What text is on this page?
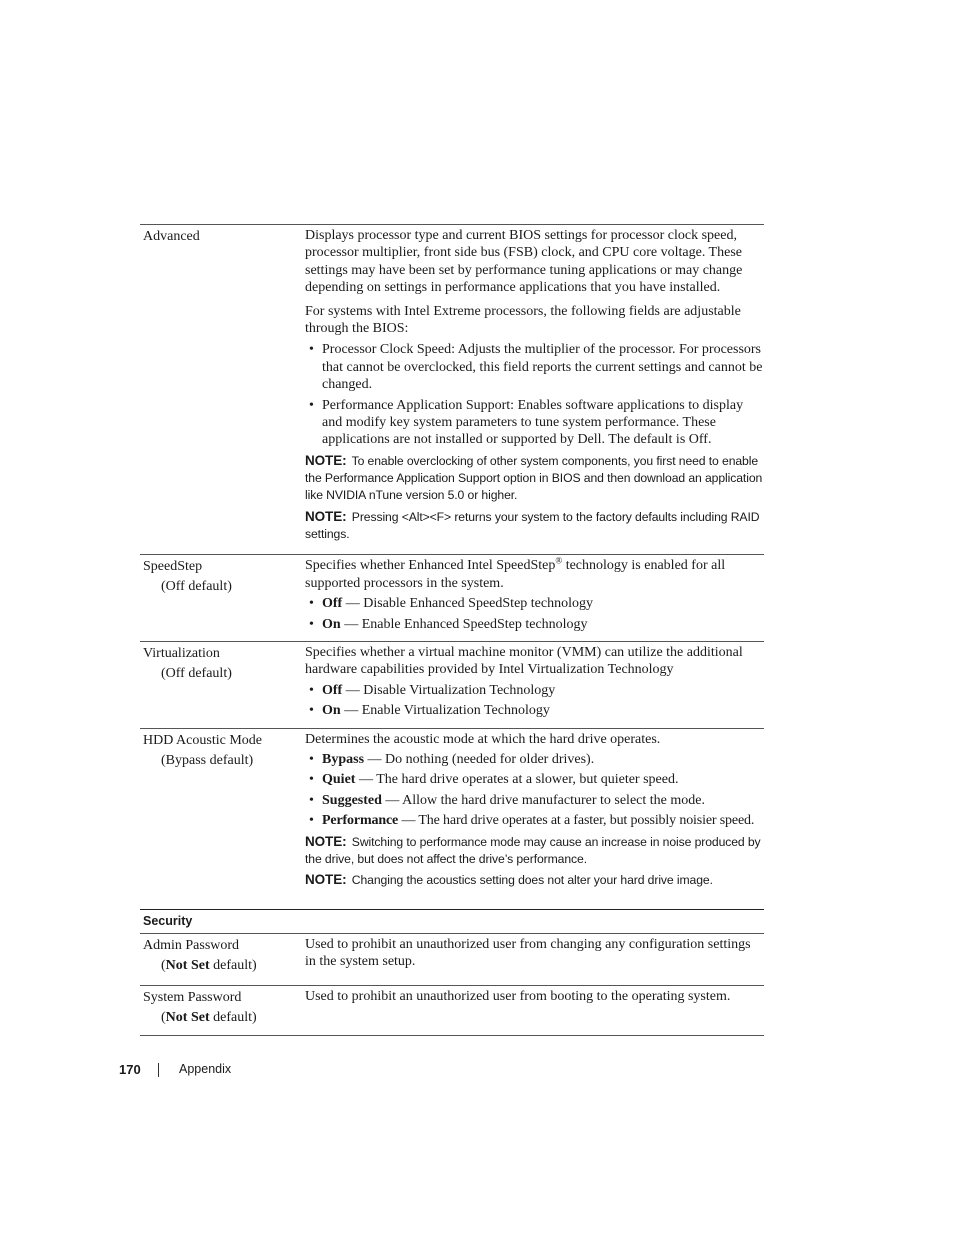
Advanced	Displays processor type and current BIOS settings for processor clock speed, processor multiplier, front side bus (FSB) clock, and CPU core voltage. These settings may have been set by performance tuning applications or may change depending on settings in performance applications that you have installed.

For systems with Intel Extreme processors, the following fields are adjustable through the BIOS:

• Processor Clock Speed: Adjusts the multiplier of the processor. For processors that cannot be overclocked, this field reports the current settings and cannot be changed.
• Performance Application Support: Enables software applications to display and modify key system parameters to tune system performance. These applications are not installed or supported by Dell. The default is Off.
NOTE: To enable overclocking of other system components, you first need to enable the Performance Application Support option in BIOS and then download an application like NVIDIA nTune version 5.0 or higher.
NOTE: Pressing <Alt><F> returns your system to the factory defaults including RAID settings.
SpeedStep
(Off default)

Specifies whether Enhanced Intel SpeedStep® technology is enabled for all supported processors in the system.

• Off — Disable Enhanced SpeedStep technology
• On — Enable Enhanced SpeedStep technology
Virtualization
(Off default)

Specifies whether a virtual machine monitor (VMM) can utilize the additional hardware capabilities provided by Intel Virtualization Technology

• Off — Disable Virtualization Technology
• On — Enable Virtualization Technology
HDD Acoustic Mode
(Bypass default)

Determines the acoustic mode at which the hard drive operates.

• Bypass — Do nothing (needed for older drives).
• Quiet — The hard drive operates at a slower, but quieter speed.
• Suggested — Allow the hard drive manufacturer to select the mode.
• Performance — The hard drive operates at a faster, but possibly noisier speed.
NOTE: Switching to performance mode may cause an increase in noise produced by the drive, but does not affect the drive’s performance.
NOTE: Changing the acoustics setting does not alter your hard drive image.
Security
Admin Password
(Not Set default)

Used to prohibit an unauthorized user from changing any configuration settings in the system setup.

System Password
(Not Set default)

Used to prohibit an unauthorized user from booting to the operating system.

170	Appendix
